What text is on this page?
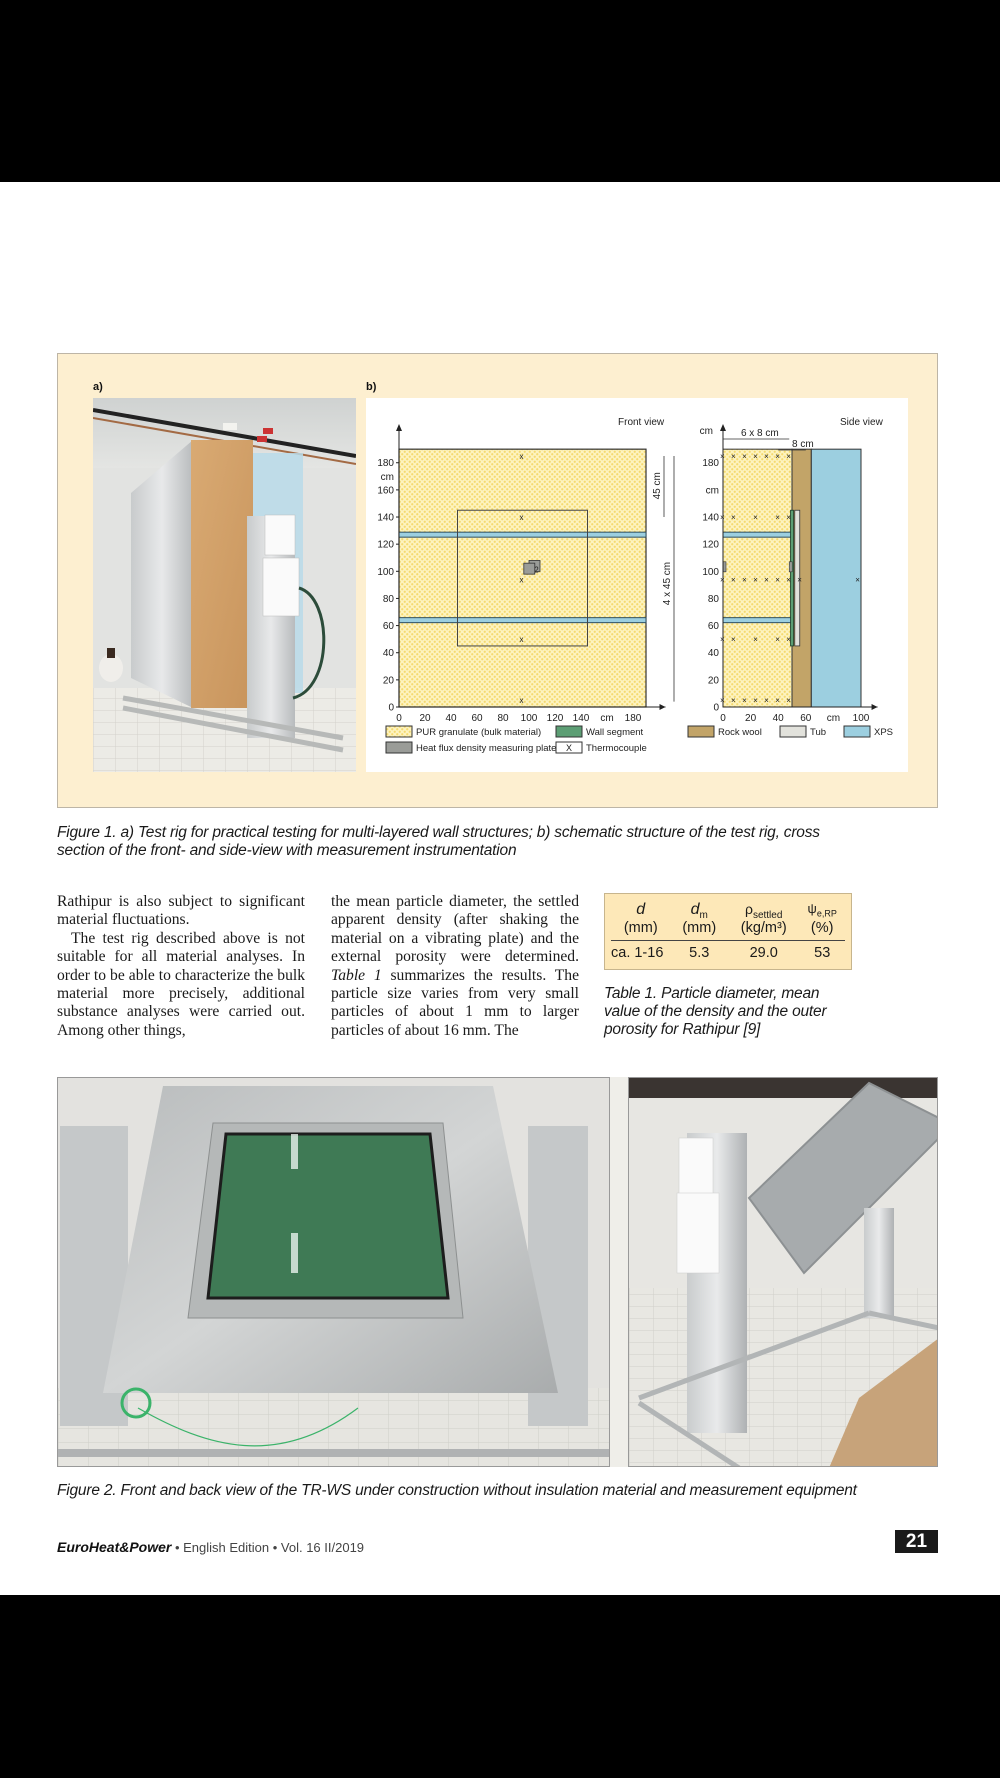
a)	b)
Front view
2
x
x
x
x
x
0
20
40
60
80
100
120
140
160
180
cm
0 20 40 60 80 100 120 140	180
cm
45 cm
4 x 45 cm
Side view
× × × × × × ×
× × × × ×
× × × × × × × ×
× × × × ×
× × × × × × ×
×
cm
0
20
40
60
80
100
120
140
180
cm
0 20 40 60	100
cm
6 x 8 cm
8 cm
PUR granulate (bulk material)	Wall segment	Rock wool	Tub	XPS
Heat flux density measuring plate X Thermocouple
Figure 1. a) Test rig for practical testing for multi-layered wall structures; b) schematic structure of the test rig, cross section of the front- and side-view with measurement instrumentation

Rathipur is also subject to significant material fluctuations.

The test rig described above is not suitable for all material analyses. In order to be able to characterize the bulk material more precisely, additional substance analyses were carried out. Among other things,

the mean particle diameter, the settled apparent density (after shaking the material on a vibrating plate) and the external porosity were determined. Table 1 summarizes the results. The particle size varies from very small particles of about 1 mm to larger particles of about 16 mm. The

d	$d_m$	$\rho_{settled}$	$\psi_{e,RP}$
(mm)	(mm)	(kg/m³)	(%)
ca. 1-16	5.3	29.0	53
Table 1. Particle diameter, mean value of the density and the outer porosity for Rathipur [9]
Figure 2. Front and back view of the TR-WS under construction without insulation material and measurement equipment
EuroHeat&Power • English Edition • Vol. 16 II/2019	21
